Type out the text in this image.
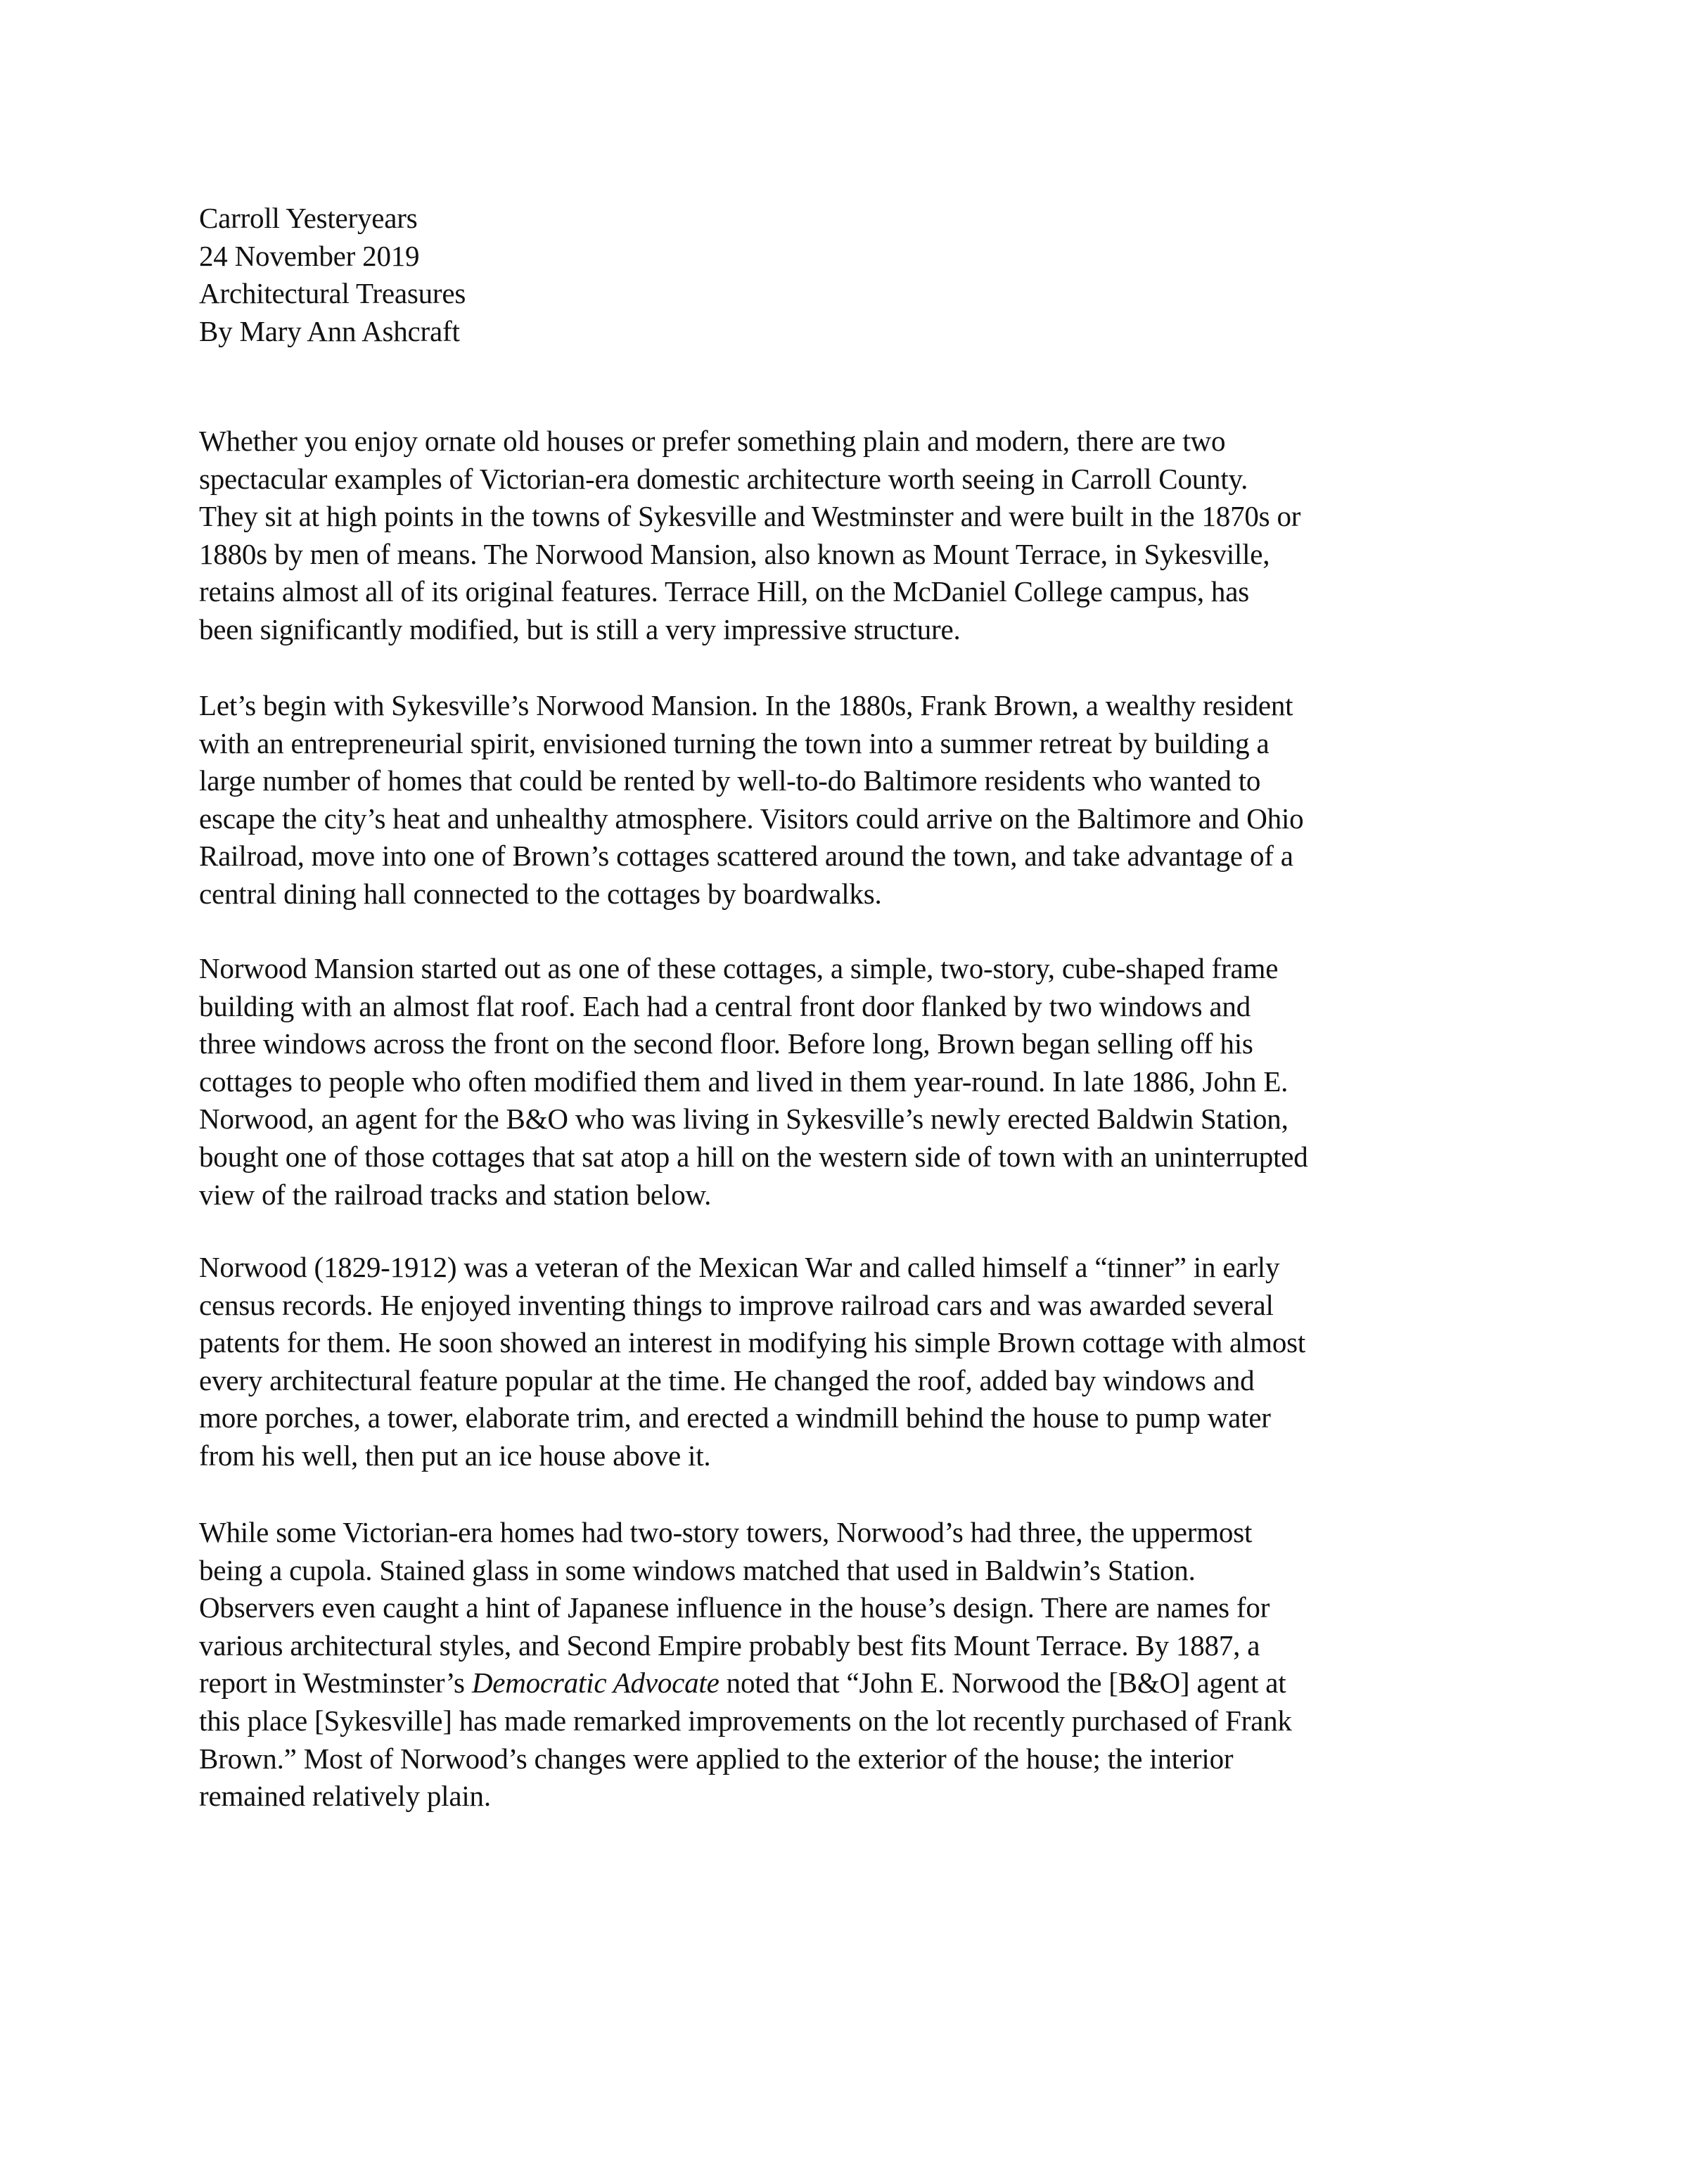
Carroll Yesteryears
24 November 2019
Architectural Treasures
By Mary Ann Ashcraft
Whether you enjoy ornate old houses or prefer something plain and modern, there are two
spectacular examples of Victorian-era domestic architecture worth seeing in Carroll County.
They sit at high points in the towns of Sykesville and Westminster and were built in the 1870s or
1880s by men of means. The Norwood Mansion, also known as Mount Terrace, in Sykesville,
retains almost all of its original features. Terrace Hill, on the McDaniel College campus, has
been significantly modified, but is still a very impressive structure.
Let’s begin with Sykesville’s Norwood Mansion. In the 1880s, Frank Brown, a wealthy resident
with an entrepreneurial spirit, envisioned turning the town into a summer retreat by building a
large number of homes that could be rented by well-to-do Baltimore residents who wanted to
escape the city’s heat and unhealthy atmosphere. Visitors could arrive on the Baltimore and Ohio
Railroad, move into one of Brown’s cottages scattered around the town, and take advantage of a
central dining hall connected to the cottages by boardwalks.
Norwood Mansion started out as one of these cottages, a simple, two-story, cube-shaped frame
building with an almost flat roof. Each had a central front door flanked by two windows and
three windows across the front on the second floor. Before long, Brown began selling off his
cottages to people who often modified them and lived in them year-round. In late 1886, John E.
Norwood, an agent for the B&O who was living in Sykesville’s newly erected Baldwin Station,
bought one of those cottages that sat atop a hill on the western side of town with an uninterrupted
view of the railroad tracks and station below.
Norwood (1829-1912) was a veteran of the Mexican War and called himself a “tinner” in early
census records. He enjoyed inventing things to improve railroad cars and was awarded several
patents for them. He soon showed an interest in modifying his simple Brown cottage with almost
every architectural feature popular at the time. He changed the roof, added bay windows and
more porches, a tower, elaborate trim, and erected a windmill behind the house to pump water
from his well, then put an ice house above it.
While some Victorian-era homes had two-story towers, Norwood’s had three, the uppermost
being a cupola. Stained glass in some windows matched that used in Baldwin’s Station.
Observers even caught a hint of Japanese influence in the house’s design. There are names for
various architectural styles, and Second Empire probably best fits Mount Terrace. By 1887, a
report in Westminster’s Democratic Advocate noted that “John E. Norwood the [B&O] agent at
this place [Sykesville] has made remarked improvements on the lot recently purchased of Frank
Brown.” Most of Norwood’s changes were applied to the exterior of the house; the interior
remained relatively plain.
